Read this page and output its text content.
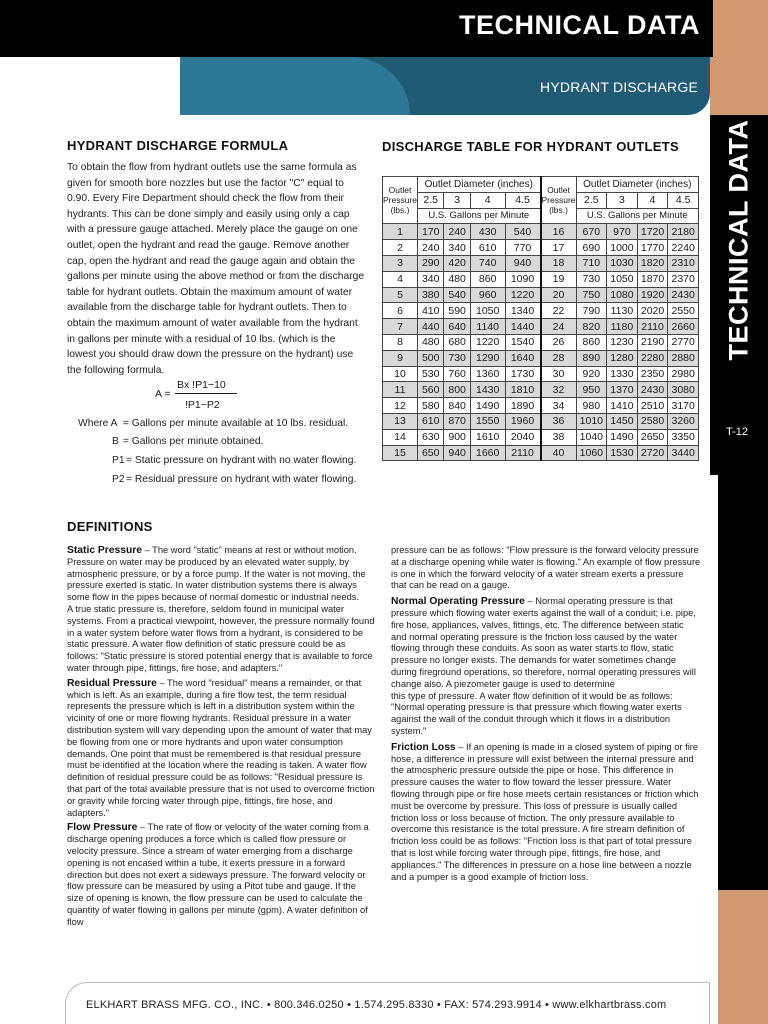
TECHNICAL DATA
HYDRANT DISCHARGE
TECHNICAL DATA
T-12
HYDRANT DISCHARGE FORMULA
To obtain the flow from hydrant outlets use the same formula as given for smooth bore nozzles but use the factor "C" equal to 0.90. Every Fire Department should check the flow from their hydrants. This can be done simply and easily using only a cap with a pressure gauge attached. Merely place the gauge on one outlet, open the hydrant and read the gauge. Remove another cap, open the hydrant and read the gauge again and obtain the gallons per minute using the above method or from the discharge table for hydrant outlets. Obtain the maximum amount of water available from the discharge table for hydrant outlets. Then to obtain the maximum amount of water available from the hydrant in gallons per minute with a residual of 10 lbs. (which is the lowest you should draw down the pressure on the hydrant) use the following formula.
A =
Bx !P1−10
!P1−P2
Where A = Gallons per minute available at 10 lbs. residual.
B = Gallons per minute obtained.
P1= Static pressure on hydrant with no water flowing.
P2= Residual pressure on hydrant with water flowing.
DISCHARGE TABLE FOR HYDRANT OUTLETS
Outlet Pressure (lbs.)	Outlet Diameter (inches)				Outlet Pressure (lbs.)	Outlet Diameter (inches)			
	2.5	3	4	4.5		2.5	3	4	4.5
	U.S. Gallons per Minute					U.S. Gallons per Minute			
1	170	240	430	540	16	670	970	1720	2180
2	240	340	610	770	17	690	1000	1770	2240
3	290	420	740	940	18	710	1030	1820	2310
4	340	480	860	1090	19	730	1050	1870	2370
5	380	540	960	1220	20	750	1080	1920	2430
6	410	590	1050	1340	22	790	1130	2020	2550
7	440	640	1140	1440	24	820	1180	2110	2660
8	480	680	1220	1540	26	860	1230	2190	2770
9	500	730	1290	1640	28	890	1280	2280	2880
10	530	760	1360	1730	30	920	1330	2350	2980
11	560	800	1430	1810	32	950	1370	2430	3080
12	580	840	1490	1890	34	980	1410	2510	3170
13	610	870	1550	1960	36	1010	1450	2580	3260
14	630	900	1610	2040	38	1040	1490	2650	3350
15	650	940	1660	2110	40	1060	1530	2720	3440
DEFINITIONS

Static Pressure – The word "static" means at rest or without motion. Pressure on water may be produced by an elevated water supply, by atmospheric pressure, or by a force pump. If the water is not moving, the pressure exerted is static. In water distribution systems there is always some flow in the pipes because of normal domestic or industrial needs.

A true static pressure is, therefore, seldom found in municipal water systems. From a practical viewpoint, however, the pressure normally found in a water system before water flows from a hydrant, is considered to be static pressure. A water flow definition of static pressure could be as follows: "Static pressure is stored potential energy that is available to force water through pipe, fittings, fire hose, and adapters."

Residual Pressure – The word "residual" means a remainder, or that which is left. As an example, during a fire flow test, the term residual represents the pressure which is left in a distribution system within the vicinity of one or more flowing hydrants. Residual pressure in a water distribution system will vary depending upon the amount of water that may be flowing from one or more hydrants and upon water consumption demands. One point that must be remembered is that residual pressure must be identified at the location where the reading is taken. A water flow definition of residual pressure could be as follows: "Residual pressure is that part of the total available pressure that is not used to overcome friction or gravity while forcing water through pipe, fittings, fire hose, and adapters."

Flow Pressure – The rate of flow or velocity of the water coming from a discharge opening produces a force which is called flow pressure or velocity pressure. Since a stream of water emerging from a discharge opening is not encased within a tube, it exerts pressure in a forward direction but does not exert a sideways pressure. The forward velocity or flow pressure can be measured by using a Pitot tube and gauge. If the size of opening is known, the flow pressure can be used to calculate the quantity of water flowing in gallons per minute (gpm). A water definition of flow

pressure can be as follows: "Flow pressure is the forward velocity pressure at a discharge opening while water is flowing." An example of flow pressure is one in which the forward velocity of a water stream exerts a pressure that can be read on a gauge.

Normal Operating Pressure – Normal operating pressure is that pressure which flowing water exerts against the wall of a conduit; i.e. pipe, fire hose, appliances, valves, fittings, etc. The difference between static and normal operating pressure is the friction loss caused by the water flowing through these conduits. As soon as water starts to flow, static pressure no longer exists. The demands for water sometimes change during fireground operations, so therefore, normal operating pressures will change also. A piezometer gauge is used to determine

this type of pressure. A water flow definition of it would be as follows: "Normal operating pressure is that pressure which flowing water exerts against the wall of the conduit through which it flows in a distribution system."

Friction Loss – If an opening is made in a closed system of piping or fire hose, a difference in pressure will exist between the internal pressure and the atmospheric pressure outside the pipe or hose. This difference in pressure causes the water to flow toward the lesser pressure. Water flowing through pipe or fire hose meets certain resistances or friction which must be overcome by pressure. This loss of pressure is usually called friction loss or loss because of friction. The only pressure available to overcome this resistance is the total pressure. A fire stream definition of friction loss could be as follows: "Friction loss is that part of total pressure that is lost while forcing water through pipe, fittings, fire hose, and appliances." The differences in pressure on a hose line between a nozzle and a pumper is a good example of friction loss.

ELKHART BRASS MFG. CO., INC. • 800.346.0250 • 1.574.295.8330 • FAX: 574.293.9914 • www.elkhartbrass.com
